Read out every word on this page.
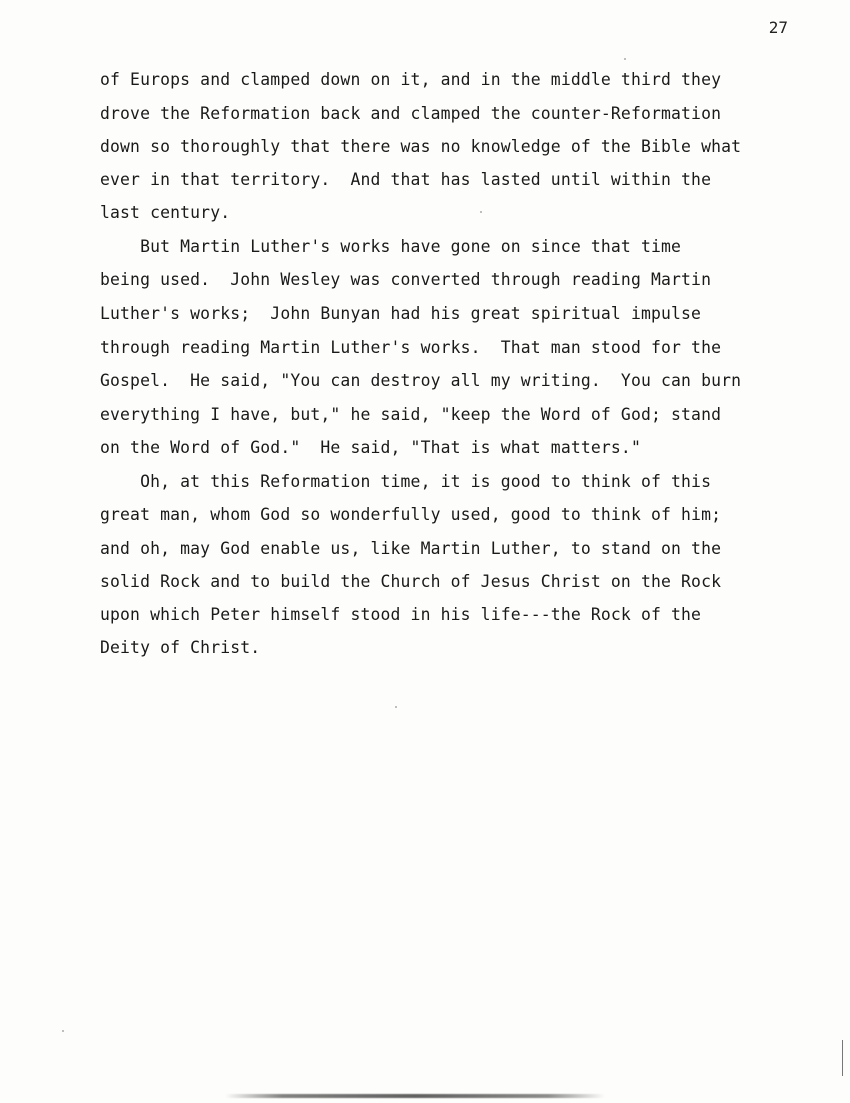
27
of Europs and clamped down on it, and in the middle third they
drove the Reformation back and clamped the counter-Reformation
down so thoroughly that there was no knowledge of the Bible what
ever in that territory.  And that has lasted until within the
last century.
But Martin Luther's works have gone on since that time
being used.  John Wesley was converted through reading Martin
Luther's works;  John Bunyan had his great spiritual impulse
through reading Martin Luther's works.  That man stood for the
Gospel.  He said, "You can destroy all my writing.  You can burn
everything I have, but," he said, "keep the Word of God; stand
on the Word of God."  He said, "That is what matters."
Oh, at this Reformation time, it is good to think of this
great man, whom God so wonderfully used, good to think of him;
and oh, may God enable us, like Martin Luther, to stand on the
solid Rock and to build the Church of Jesus Christ on the Rock
upon which Peter himself stood in his life---the Rock of the
Deity of Christ.
